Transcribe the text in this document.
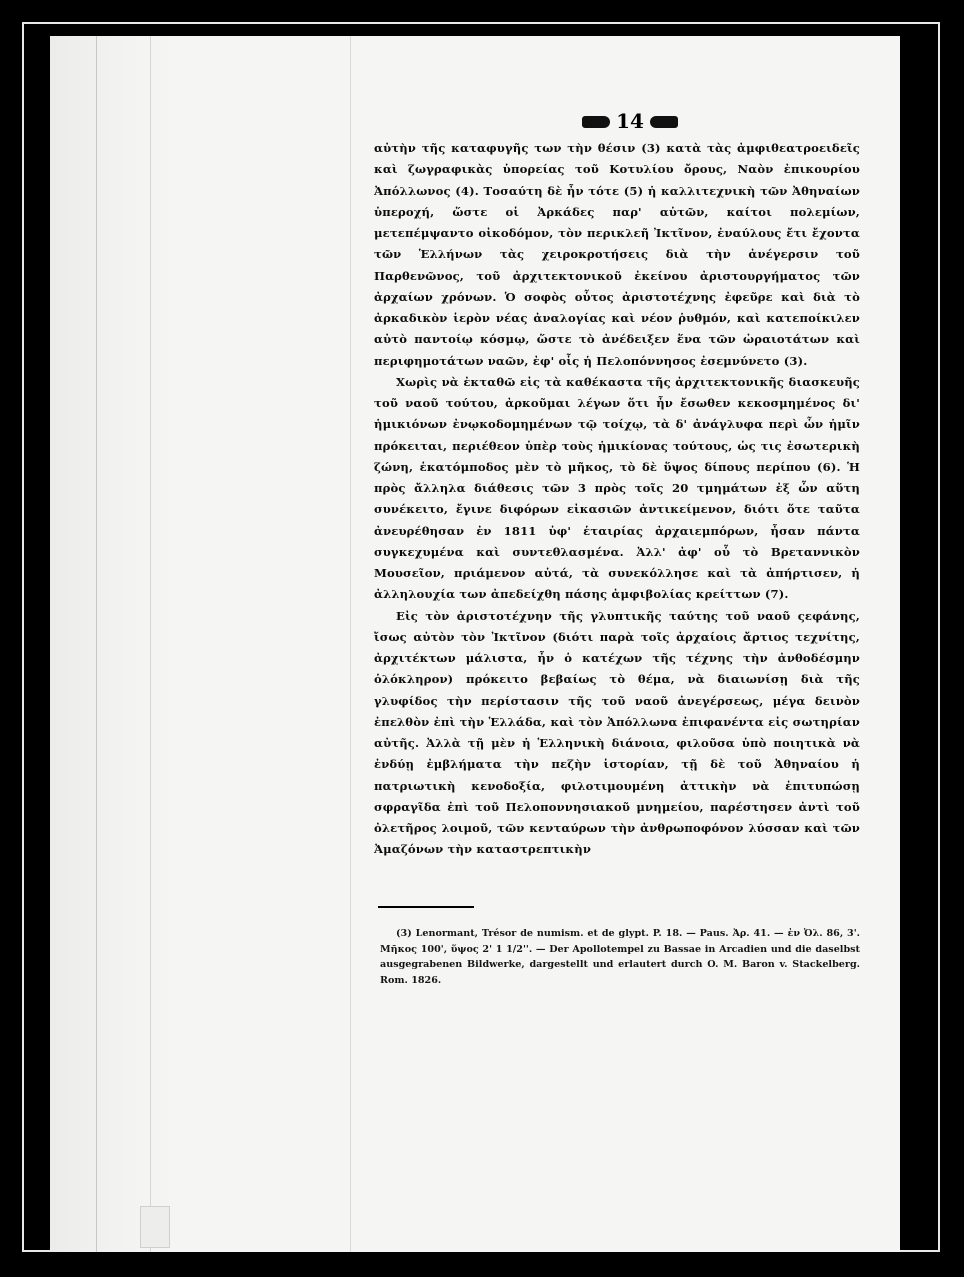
14

αὐτὴν τῆς καταφυγῆς των τὴν θέσιν (3) κατὰ τὰς ἀμφιθεατροειδεῖς καὶ ζωγραφικὰς ὑπορείας τοῦ Κοτυλίου ὄρους, Ναὸν ἐπικουρίου Ἀπόλλωνος (4). Τοσαύτη δὲ ἦν τότε (5) ἡ καλλιτεχνικὴ τῶν Ἀθηναίων ὑπεροχή, ὥστε οἱ Ἀρκάδες παρ' αὐτῶν, καίτοι πολεμίων, μετεπέμψαντο οἰκοδόμον, τὸν περικλεῆ Ἰκτῖνον, ἐναύλους ἔτι ἔχοντα τῶν Ἑλλήνων τὰς χειροκροτήσεις διὰ τὴν ἀνέγερσιν τοῦ Παρθενῶνος, τοῦ ἀρχιτεκτονικοῦ ἐκείνου ἀριστουργήματος τῶν ἀρχαίων χρόνων. Ὁ σοφὸς οὗτος ἀριστοτέχνης ἐφεῦρε καὶ διὰ τὸ ἀρκαδικὸν ἱερὸν νέας ἀναλογίας καὶ νέον ῥυθμόν, καὶ κατεποίκιλεν αὐτὸ παντοίῳ κόσμῳ, ὥστε τὸ ἀνέδειξεν ἕνα τῶν ὡραιοτάτων καὶ περιφημοτάτων ναῶν, ἐφ' οἷς ἡ Πελοπόννησος ἐσεμνύνετο (3).

Χωρὶς νὰ ἐκταθῶ εἰς τὰ καθέκαστα τῆς ἀρχιτεκτονικῆς διασκευῆς τοῦ ναοῦ τούτου, ἀρκοῦμαι λέγων ὅτι ἦν ἔσωθεν κεκοσμημένος δι' ἡμικιόνων ἐνῳκοδομημένων τῷ τοίχῳ, τὰ δ' ἀνάγλυφα περὶ ὧν ἡμῖν πρόκειται, περιέθεον ὑπὲρ τοὺς ἡμικίονας τούτους, ὡς τις ἐσωτερικὴ ζώνη, ἑκατόμποδος μὲν τὸ μῆκος, τὸ δὲ ὕψος δίπους περίπου (6). Ἡ πρὸς ἄλληλα διάθεσις τῶν 3 πρὸς τοῖς 20 τμημάτων ἐξ ὧν αὕτη συνέκειτο, ἔγινε διφόρων εἰκασιῶν ἀντικείμενον, διότι ὅτε ταῦτα ἀνευρέθησαν ἐν 1811 ὑφ' ἑταιρίας ἀρχαιεμπόρων, ἦσαν πάντα συγκεχυμένα καὶ συντεθλασμένα. Ἀλλ' ἀφ' οὗ τὸ Βρεταννικὸν Μουσεῖον, πριάμενον αὐτά, τὰ συνεκόλλησε καὶ τὰ ἀπήρτισεν, ἡ ἀλληλουχία των ἀπεδείχθη πάσης ἀμφιβολίας κρείττων (7).

Εἰς τὸν ἀριστοτέχνην τῆς γλυπτικῆς ταύτης τοῦ ναοῦ ςεφάνης, ἴσως αὐτὸν τὸν Ἰκτῖνον (διότι παρὰ τοῖς ἀρχαίοις ἄρτιος τεχνίτης, ἀρχιτέκτων μάλιστα, ἦν ὁ κατέχων τῆς τέχνης τὴν ἀνθοδέσμην ὁλόκληρον) πρόκειτο βεβαίως τὸ θέμα, νὰ διαιωνίσῃ διὰ τῆς γλυφίδος τὴν περίστασιν τῆς τοῦ ναοῦ ἀνεγέρσεως, μέγα δεινὸν ἐπελθὸν ἐπὶ τὴν Ἑλλάδα, καὶ τὸν Ἀπόλλωνα ἐπιφανέντα εἰς σωτηρίαν αὐτῆς. Ἀλλὰ τῇ μὲν ἡ Ἑλληνικὴ διάνοια, φιλοῦσα ὑπὸ ποιητικὰ νὰ ἐνδύῃ ἐμβλήματα τὴν πεζὴν ἱστορίαν, τῇ δὲ τοῦ Ἀθηναίου ἡ πατριωτικὴ κενοδοξία, φιλοτιμουμένη ἀττικὴν νὰ ἐπιτυπώσῃ σφραγῖδα ἐπὶ τοῦ Πελοποννησιακοῦ μνημείου, παρέστησεν ἀντὶ τοῦ ὀλετῆρος λοιμοῦ, τῶν κενταύρων τὴν ἀνθρωποφόνον λύσσαν καὶ τῶν Ἀμαζόνων τὴν καταστρεπτικὴν

(3) Lenormant, Trésor de numism. et de glypt. P. 18. — Paus. Ἀρ. 41. — ἐν Ὀλ. 86, 3'. Μῆκος 100', ὕψος 2' 1 1/2''. — Der Apollotempel zu Bassae in Arcadien und die daselbst ausgegrabenen Bildwerke, dargestellt und erlautert durch O. M. Baron v. Stackelberg. Rom. 1826.
